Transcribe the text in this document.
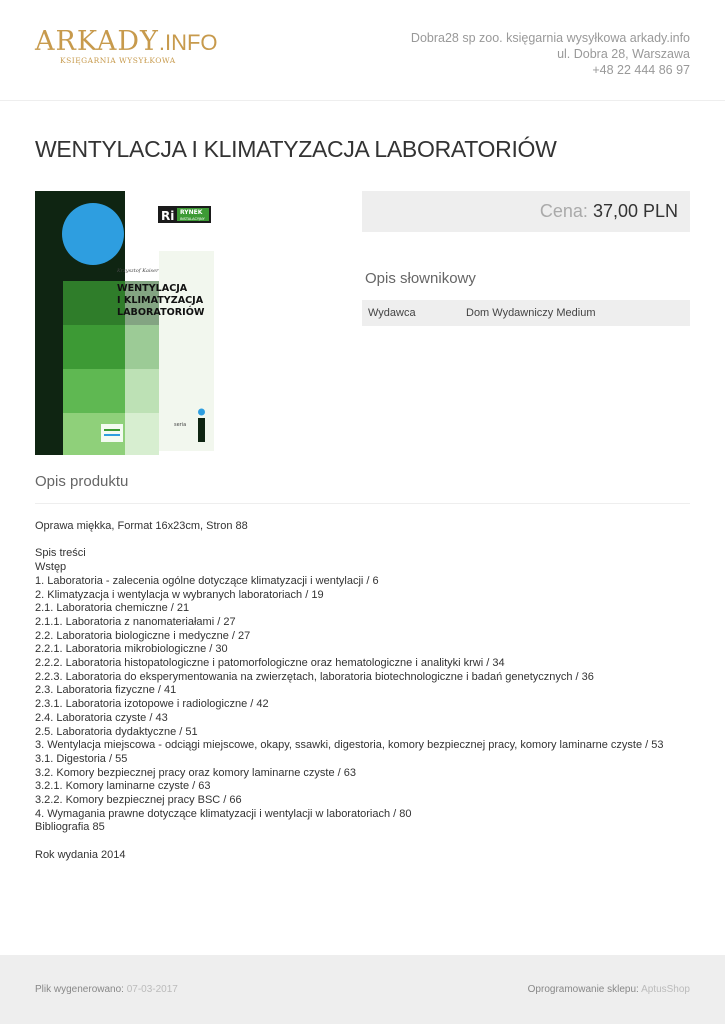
ARKADY.INFO
KSIĘGARNIA WYSYŁKOWA
Dobra28 sp zoo. księgarnia wysyłkowa arkady.info
ul. Dobra 28, Warszawa
+48 22 444 86 97
WENTYLACJA I KLIMATYZACJA LABORATORIÓW
Ri RYNEK
INSTALACYJNY
Krzysztof Kaiser
WENTYLACJA
I KLIMATYZACJA
LABORATORIÓW
seria
Cena: 37,00 PLN
Opis słownikowy
Wydawca	Dom Wydawniczy Medium
Opis produktu
Oprawa miękka, Format 16x23cm, Stron 88
Spis treści
Wstęp
1. Laboratoria - zalecenia ogólne dotyczące klimatyzacji i wentylacji / 6
2. Klimatyzacja i wentylacja w wybranych laboratoriach / 19
2.1. Laboratoria chemiczne / 21
2.1.1. Laboratoria z nanomateriałami / 27
2.2. Laboratoria biologiczne i medyczne / 27
2.2.1. Laboratoria mikrobiologiczne / 30
2.2.2. Laboratoria histopatologiczne i patomorfologiczne oraz hematologiczne i analityki krwi / 34
2.2.3. Laboratoria do eksperymentowania na zwierzętach, laboratoria biotechnologiczne i badań genetycznych / 36
2.3. Laboratoria fizyczne / 41
2.3.1. Laboratoria izotopowe i radiologiczne / 42
2.4. Laboratoria czyste / 43
2.5. Laboratoria dydaktyczne / 51
3. Wentylacja miejscowa - odciągi miejscowe, okapy, ssawki, digestoria, komory bezpiecznej pracy, komory laminarne czyste / 53
3.1. Digestoria / 55
3.2. Komory bezpiecznej pracy oraz komory laminarne czyste / 63
3.2.1. Komory laminarne czyste / 63
3.2.2. Komory bezpiecznej pracy BSC / 66
4. Wymagania prawne dotyczące klimatyzacji i wentylacji w laboratoriach / 80
Bibliografia 85
Rok wydania 2014
Plik wygenerowano: 07-03-2017	Oprogramowanie sklepu: AptusShop
